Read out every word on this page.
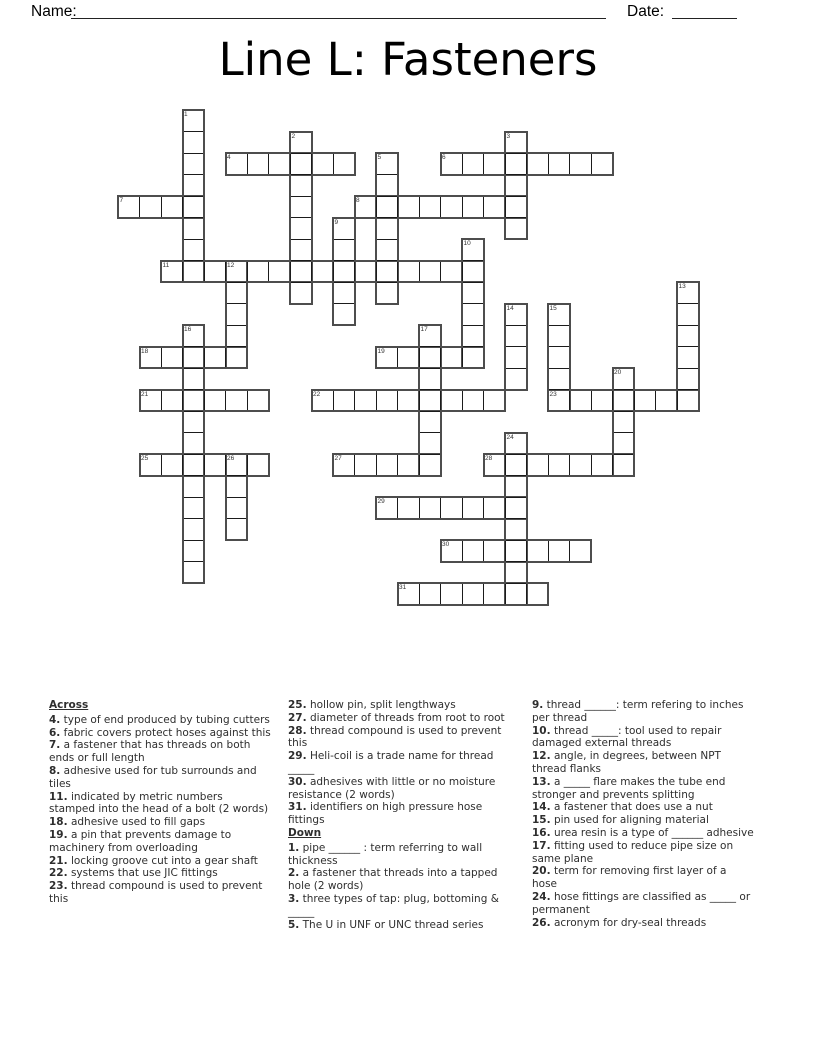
Name:	Date:
Line L: Fasteners
1
2	3
4	5	6
7	8
9
10
11	12
13
14	15
16	17
18	19
20
21	22	23
24
25	26	27	28
29
30
31
Across
4. type of end produced by tubing cutters
6. fabric covers protect hoses against this
7. a fastener that has threads on both ends or full length
8. adhesive used for tub surrounds and tiles
11. indicated by metric numbers stamped into the head of a bolt (2 words)
18. adhesive used to fill gaps
19. a pin that prevents damage to machinery from overloading
21. locking groove cut into a gear shaft
22. systems that use JIC fittings
23. thread compound is used to prevent this
25. hollow pin, split lengthways
27. diameter of threads from root to root
28. thread compound is used to prevent this
29. Heli-coil is a trade name for thread _____
30. adhesives with little or no moisture resistance (2 words)
31. identifiers on high pressure hose fittings
Down
1. pipe ______ : term referring to wall thickness
2. a fastener that threads into a tapped hole (2 words)
3. three types of tap: plug, bottoming & _____
5. The U in UNF or UNC thread series
9. thread ______: term refering to inches per thread
10. thread _____: tool used to repair damaged external threads
12. angle, in degrees, between NPT thread flanks
13. a _____ flare makes the tube end stronger and prevents splitting
14. a fastener that does use a nut
15. pin used for aligning material
16. urea resin is a type of ______ adhesive
17. fitting used to reduce pipe size on same plane
20. term for removing first layer of a hose
24. hose fittings are classified as _____ or permanent
26. acronym for dry-seal threads
